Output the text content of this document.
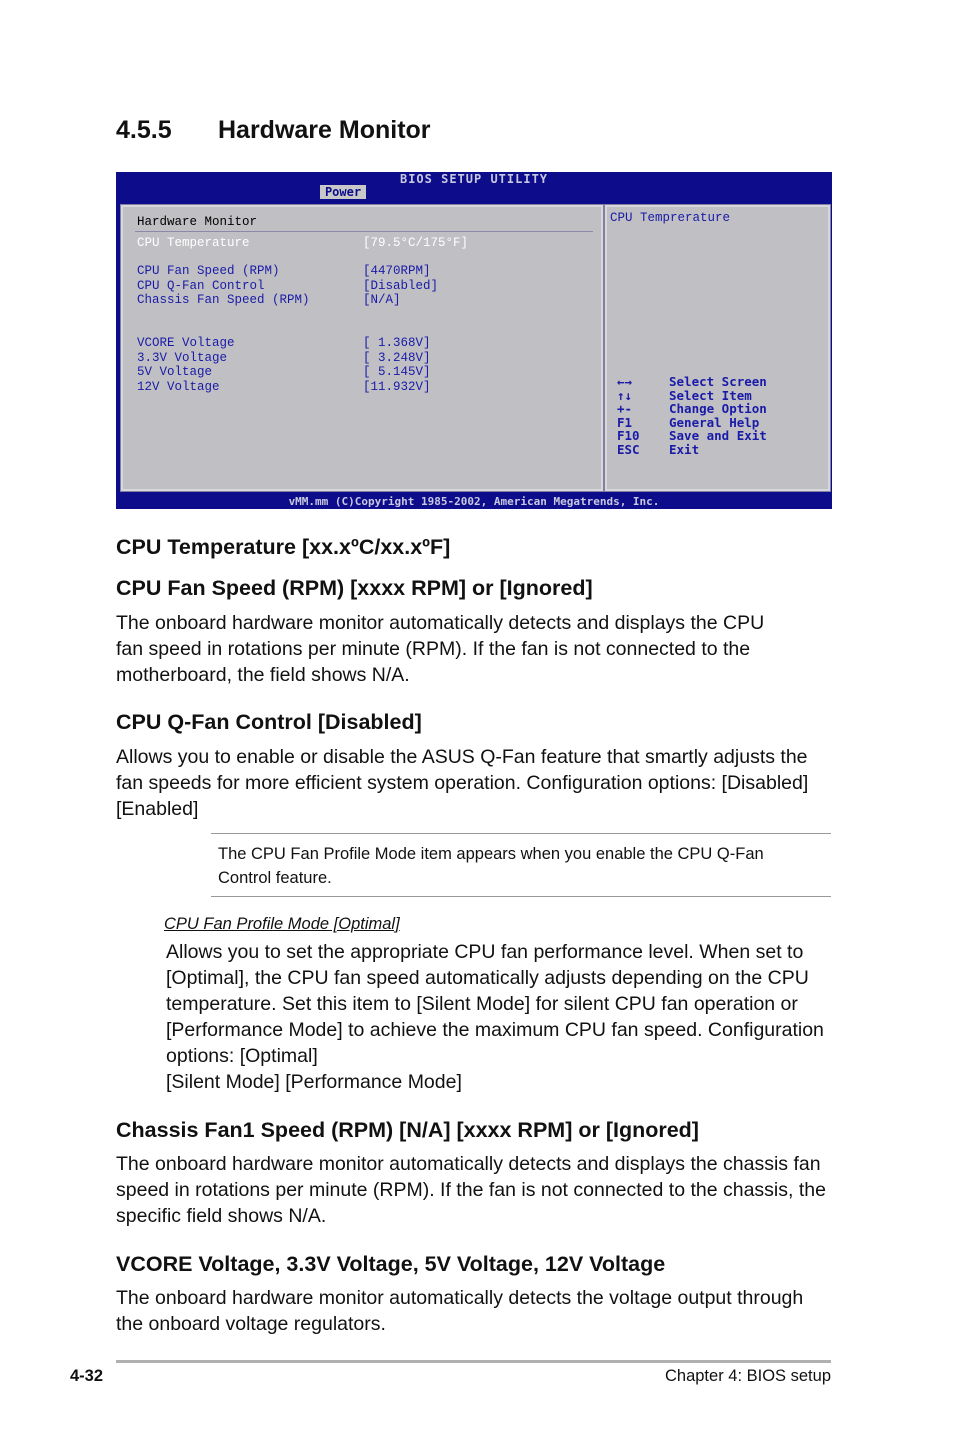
4.5.5 Hardware Monitor
BIOS SETUP UTILITY
Power
Hardware Monitor
CPU Temperature	[79.5°C/175°F]
CPU Fan Speed (RPM)	[4470RPM]
CPU Q-Fan Control	[Disabled]
Chassis Fan Speed (RPM)	[N/A]
VCORE Voltage	[ 1.368V]
3.3V Voltage	[ 3.248V]
5V Voltage	[ 5.145V]
12V Voltage	[11.932V]
CPU Temprerature
←→	Select Screen
↑↓	Select Item
+-	Change Option
F1	General Help
F10 Save and Exit
ESC Exit
vMM.mm (C)Copyright 1985-2002, American Megatrends, Inc.
CPU Temperature [xx.xºC/xx.xºF]
CPU Fan Speed (RPM) [xxxx RPM] or [Ignored]

The onboard hardware monitor automatically detects and displays the CPU

fan speed in rotations per minute (RPM). If the fan is not connected to the

motherboard, the field shows N/A.

CPU Q-Fan Control [Disabled]

Allows you to enable or disable the ASUS Q-Fan feature that smartly adjusts the

fan speeds for more efficient system operation. Configuration options: [Disabled]

[Enabled]

The CPU Fan Profile Mode item appears when you enable the CPU Q-Fan
Control feature.
CPU Fan Profile Mode [Optimal]

Allows you to set the appropriate CPU fan performance level. When set to

[Optimal], the CPU fan speed automatically adjusts depending on the CPU

temperature. Set this item to [Silent Mode] for silent CPU fan operation or

[Performance Mode] to achieve the maximum CPU fan speed. Configuration

options: [Optimal]

[Silent Mode] [Performance Mode]

Chassis Fan1 Speed (RPM) [N/A] [xxxx RPM] or [Ignored]

The onboard hardware monitor automatically detects and displays the chassis fan

speed in rotations per minute (RPM). If the fan is not connected to the chassis, the

specific field shows N/A.

VCORE Voltage, 3.3V Voltage, 5V Voltage, 12V Voltage

The onboard hardware monitor automatically detects the voltage output through

the onboard voltage regulators.

4-32	Chapter 4: BIOS setup
